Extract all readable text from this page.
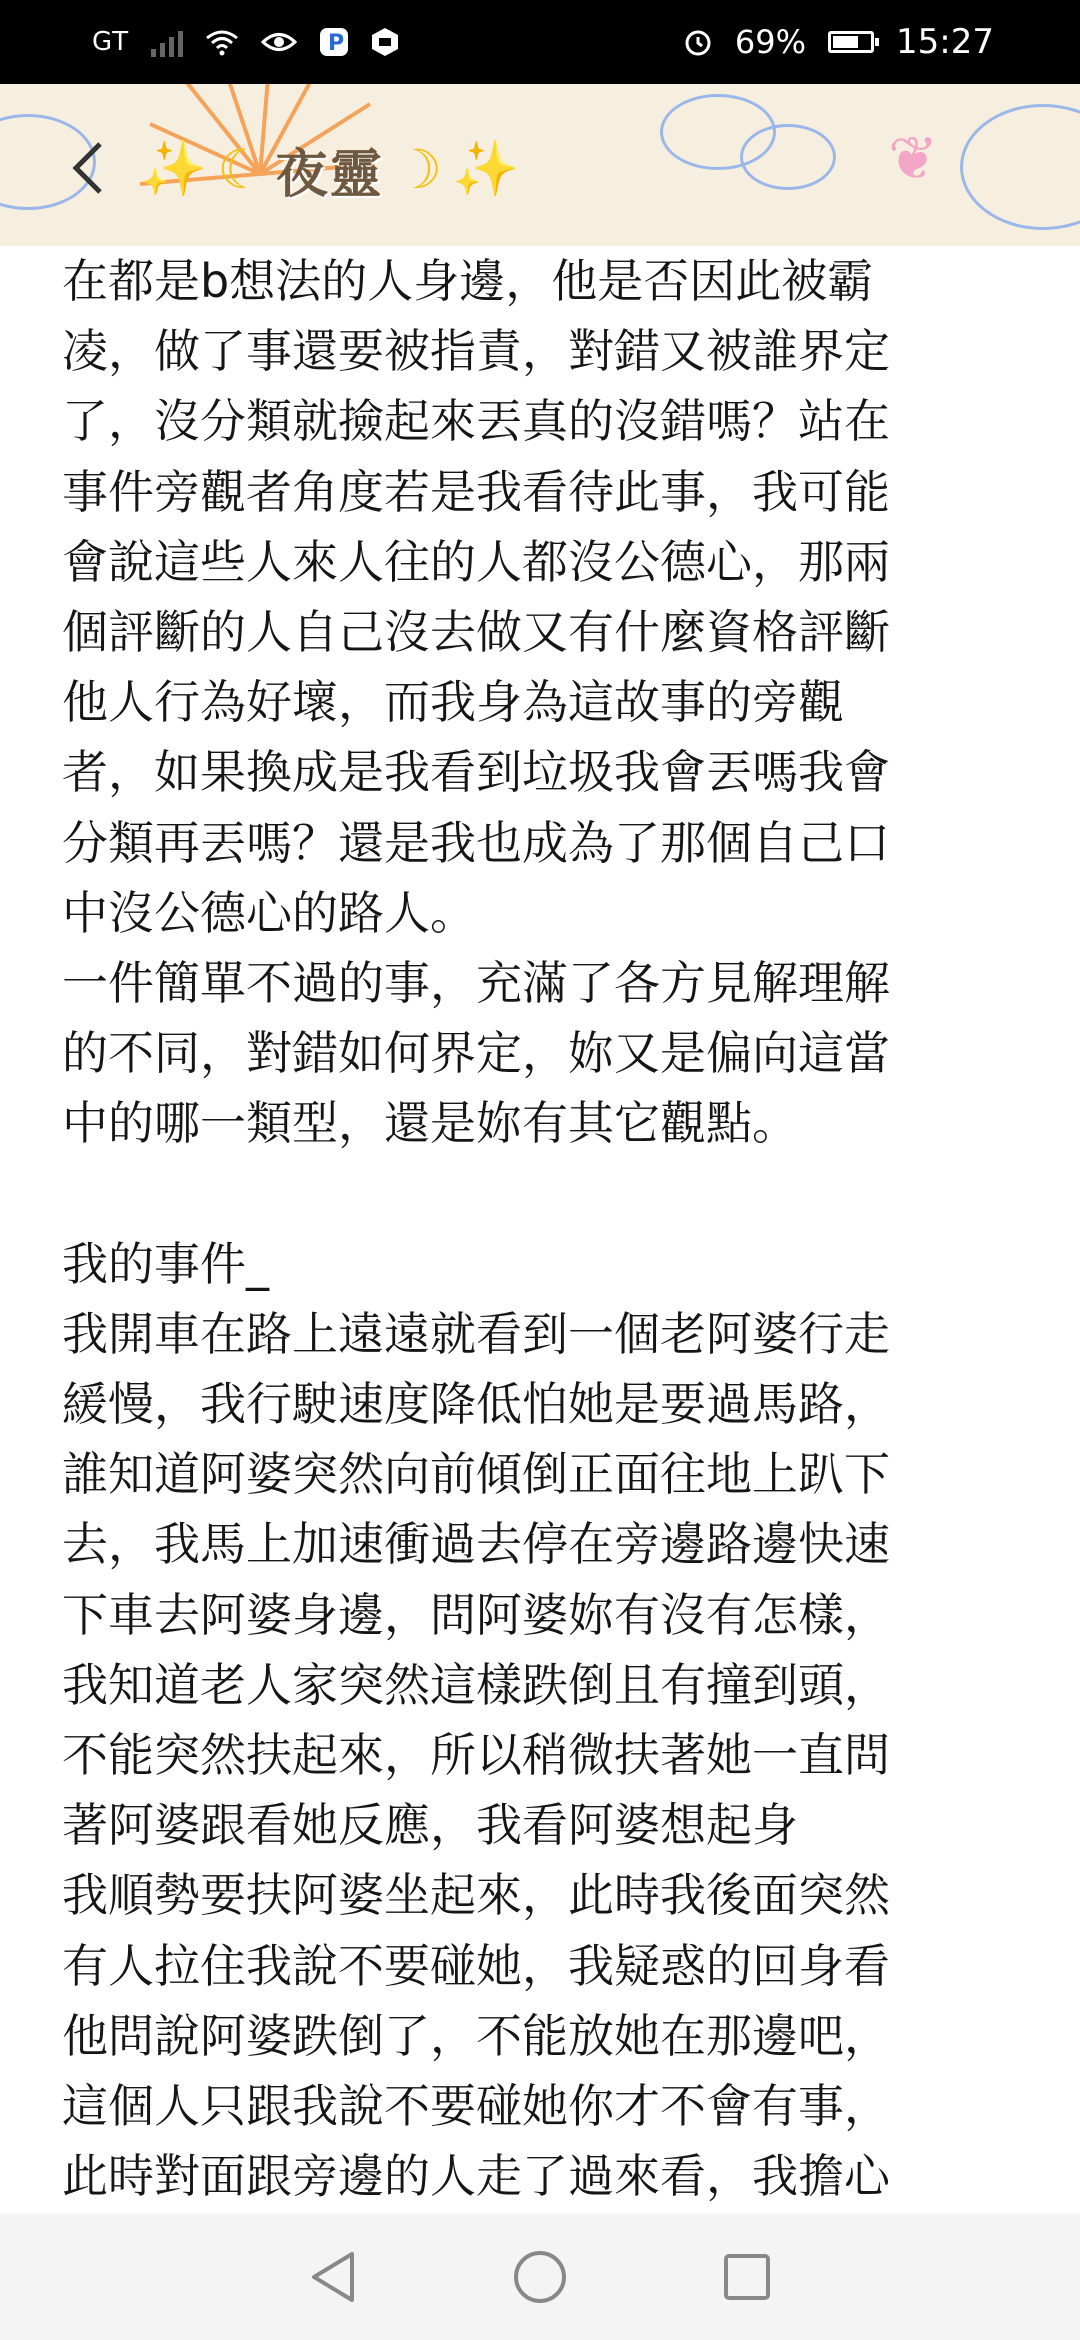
GT	P	69%	15:27
✨ ☾ 夜靈 ☽ ✨	❦
在都是b想法的人身邊，他是否因此被霸
凌，做了事還要被指責，對錯又被誰界定
了，沒分類就撿起來丟真的沒錯嗎？站在
事件旁觀者角度若是我看待此事，我可能
會說這些人來人往的人都沒公德心，那兩
個評斷的人自己沒去做又有什麼資格評斷
他人行為好壞，而我身為這故事的旁觀
者，如果換成是我看到垃圾我會丟嗎我會
分類再丟嗎？還是我也成為了那個自己口
中沒公德心的路人。
一件簡單不過的事，充滿了各方見解理解
的不同，對錯如何界定，妳又是偏向這當
中的哪一類型，還是妳有其它觀點。
我的事件_
我開車在路上遠遠就看到一個老阿婆行走
緩慢，我行駛速度降低怕她是要過馬路，
誰知道阿婆突然向前傾倒正面往地上趴下
去，我馬上加速衝過去停在旁邊路邊快速
下車去阿婆身邊，問阿婆妳有沒有怎樣，
我知道老人家突然這樣跌倒且有撞到頭，
不能突然扶起來，所以稍微扶著她一直問
著阿婆跟看她反應，我看阿婆想起身
我順勢要扶阿婆坐起來，此時我後面突然
有人拉住我說不要碰她，我疑惑的回身看
他問說阿婆跌倒了，不能放她在那邊吧，
這個人只跟我說不要碰她你才不會有事，
此時對面跟旁邊的人走了過來看，我擔心
